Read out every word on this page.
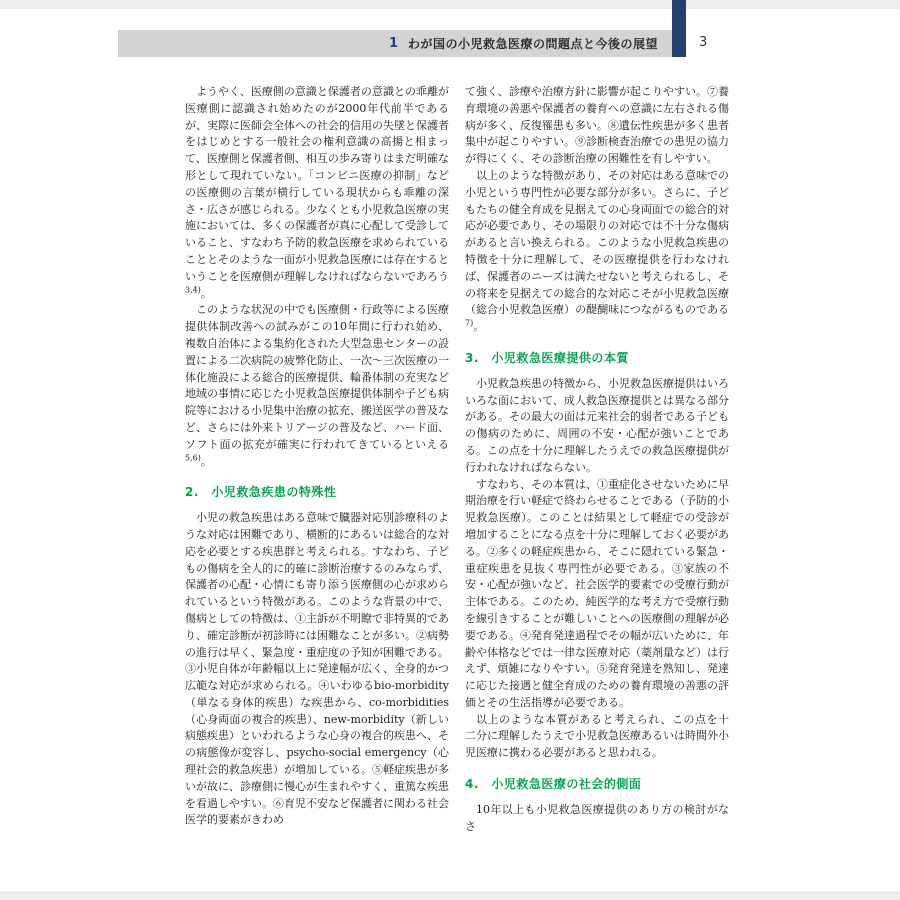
1 わが国の小児救急医療の問題点と今後の展望	3

ようやく、医療側の意識と保護者の意識との乖離が医療側に認識され始めたのが2000年代前半であるが、実際に医師会全体への社会的信用の失墜と保護者をはじめとする一般社会の権利意識の高揚と相まって、医療側と保護者側、相互の歩み寄りはまだ明確な形として現れていない。「コンビニ医療の抑制」などの医療側の言葉が横行している現状からも乖離の深さ・広さが感じられる。少なくとも小児救急医療の実施においては、多くの保護者が真に心配して受診していること、すなわち予防的救急医療を求められていることとそのような一面が小児救急医療には存在するということを医療側が理解しなければならないであろう$^{3,4)}$。

このような状況の中でも医療側・行政等による医療提供体制改善への試みがこの10年間に行われ始め、複数自治体による集約化された大型急患センターの設置による二次病院の疲弊化防止、一次〜三次医療の一体化施設による総合的医療提供、輪番体制の充実など地域の事情に応じた小児救急医療提供体制や子ども病院等における小児集中治療の拡充、搬送医学の普及など、さらには外来トリアージの普及など、ハード面、ソフト面の拡充が確実に行われてきているといえる$^{5,6)}$。

2.　小児救急疾患の特殊性

小児の救急疾患はある意味で臓器対応別診療科のような対応は困難であり、横断的にあるいは総合的な対応を必要とする疾患群と考えられる。すなわち、子どもの傷病を全人的に的確に診断治療するのみならず、保護者の心配・心情にも寄り添う医療側の心が求められているという特徴がある。このような背景の中で、傷病としての特徴は、①主訴が不明瞭で非特異的であり、確定診断が初診時には困難なことが多い。②病勢の進行は早く、緊急度・重症度の予知が困難である。③小児自体が年齢幅以上に発達幅が広く、全身的かつ広範な対応が求められる。④いわゆるbio-morbidity（単なる身体的疾患）な疾患から、co-morbidities（心身両面の複合的疾患）、new-morbidity（新しい病態疾患）といわれるような心身の複合的疾患へ、その病態像が変容し、psycho-social emergency（心理社会的救急疾患）が増加している。⑤軽症疾患が多いが故に、診療側に慢心が生まれやすく、重篤な疾患を看過しやすい。⑥育児不安など保護者に関わる社会医学的要素がきわめ

て強く、診療や治療方針に影響が起こりやすい。⑦養育環境の善悪や保護者の養育への意識に左右される傷病が多く、反復罹患も多い。⑧遺伝性疾患が多く患者集中が起こりやすい。⑨診断検査治療での患児の協力が得にくく、その診断治療の困難性を有しやすい。

以上のような特徴があり、その対応はある意味での小児という専門性が必要な部分が多い。さらに、子どもたちの健全育成を見据えての心身両面での総合的対応が必要であり、その場限りの対応では不十分な傷病があると言い換えられる。このような小児救急疾患の特徴を十分に理解して、その医療提供を行わなければ、保護者のニーズは満たせないと考えられるし、その将来を見据えての総合的な対応こそが小児救急医療（総合小児救急医療）の醍醐味につながるものである$^{7)}$。

3.　小児救急医療提供の本質

小児救急疾患の特徴から、小児救急医療提供はいろいろな面において、成人救急医療提供とは異なる部分がある。その最大の面は元来社会的弱者である子どもの傷病のために、周囲の不安・心配が強いことである。この点を十分に理解したうえでの救急医療提供が行われなければならない。

すなわち、その本質は、①重症化させないために早期治療を行い軽症で終わらせることである（予防的小児救急医療）。このことは結果として軽症での受診が増加することになる点を十分に理解しておく必要がある。②多くの軽症疾患から、そこに隠れている緊急・重症疾患を見抜く専門性が必要である。③家族の不安・心配が強いなど、社会医学的要素での受療行動が主体である。このため、純医学的な考え方で受療行動を線引きすることが難しいことへの医療側の理解が必要である。④発育発達過程でその幅が広いために、年齢や体格などでは一律な医療対応（薬剤量など）は行えず、煩雑になりやすい。⑤発育発達を熟知し、発達に応じた接遇と健全育成のための養育環境の善悪の評価とその生活指導が必要である。

以上のような本質があると考えられ、この点を十二分に理解したうえで小児救急医療あるいは時間外小児医療に携わる必要があると思われる。

4.　小児救急医療の社会的側面

10年以上も小児救急医療提供のあり方の検討がなさ
